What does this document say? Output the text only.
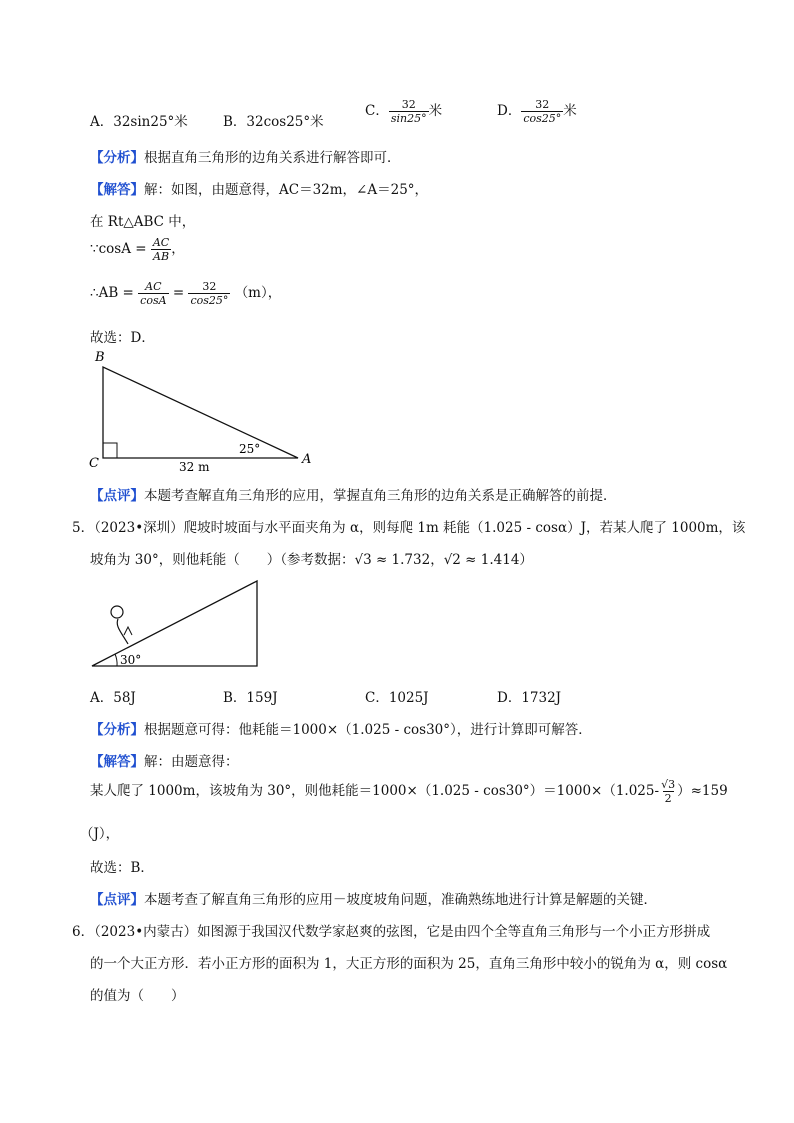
A．32sin25°米	B．32cos25°米
C． $\frac{32}{\sin 25^\circ}$ 米	D． $\frac{32}{\cos 25^\circ}$ 米
【分析】根据直角三角形的边角关系进行解答即可．
【解答】解：如图，由题意得，AC＝32m，∠A＝25°，
在 Rt△ABC 中，
∵cosA = $\frac{AC}{AB}$ ，
∴AB = $\frac{AC}{\cos A} = \frac{32}{\cos 25^\circ} (m)$，
故选：D．
B
C	A
25°
32 m
【点评】本题考查解直角三角形的应用，掌握直角三角形的边角关系是正确解答的前提．
5．（2023•深圳）爬坡时坡面与水平面夹角为 α，则每爬 1m 耗能（1.025 - cosα）J，若某人爬了 1000m，该
坡角为 30°，则他耗能（　　）（参考数据：√3 ≈ 1.732，√2 ≈ 1.414）
30°
A．58J	B．159J	C．1025J	D．1732J
【分析】根据题意可得：他耗能＝1000×（1.025 - cos30°），进行计算即可解答．
【解答】解：由题意得：
某人爬了 1000m，该坡角为 30°，则他耗能$=1000\times(1.025 - \cos 30^\circ)=1000\times(1.025- \frac{√3}{2} )\approx 159$
（J），
故选：B．
【点评】本题考查了解直角三角形的应用－坡度坡角问题，准确熟练地进行计算是解题的关键．
6．（2023•内蒙古）如图源于我国汉代数学家赵爽的弦图，它是由四个全等直角三角形与一个小正方形拼成
的一个大正方形．若小正方形的面积为 1，大正方形的面积为 25，直角三角形中较小的锐角为 α，则 cosα
的值为（　　）
